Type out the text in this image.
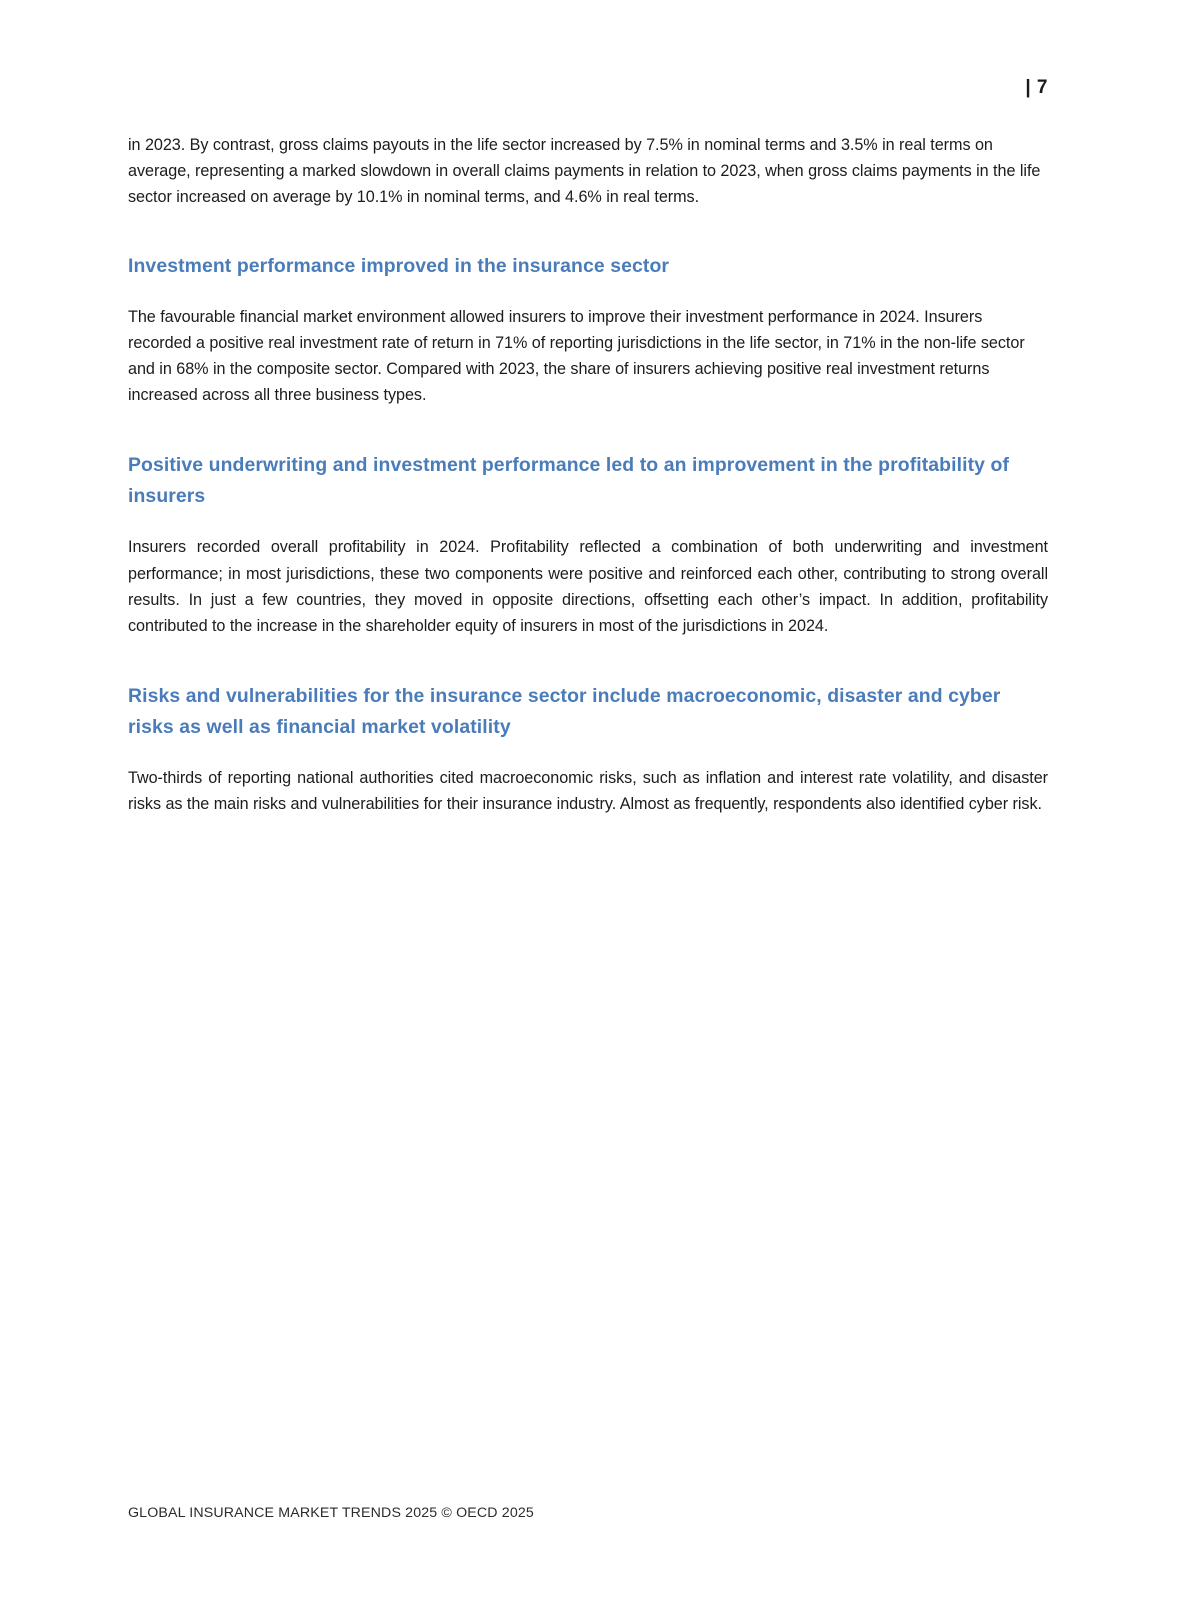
| 7

in 2023. By contrast, gross claims payouts in the life sector increased by 7.5% in nominal terms and 3.5% in real terms on average, representing a marked slowdown in overall claims payments in relation to 2023, when gross claims payments in the life sector increased on average by 10.1% in nominal terms, and 4.6% in real terms.

Investment performance improved in the insurance sector

The favourable financial market environment allowed insurers to improve their investment performance in 2024. Insurers recorded a positive real investment rate of return in 71% of reporting jurisdictions in the life sector, in 71% in the non-life sector and in 68% in the composite sector. Compared with 2023, the share of insurers achieving positive real investment returns increased across all three business types.

Positive underwriting and investment performance led to an improvement in the profitability of insurers

Insurers recorded overall profitability in 2024. Profitability reflected a combination of both underwriting and investment performance; in most jurisdictions, these two components were positive and reinforced each other, contributing to strong overall results. In just a few countries, they moved in opposite directions, offsetting each other’s impact. In addition, profitability contributed to the increase in the shareholder equity of insurers in most of the jurisdictions in 2024.

Risks and vulnerabilities for the insurance sector include macroeconomic, disaster and cyber risks as well as financial market volatility

Two-thirds of reporting national authorities cited macroeconomic risks, such as inflation and interest rate volatility, and disaster risks as the main risks and vulnerabilities for their insurance industry. Almost as frequently, respondents also identified cyber risk.

GLOBAL INSURANCE MARKET TRENDS 2025 © OECD 2025
